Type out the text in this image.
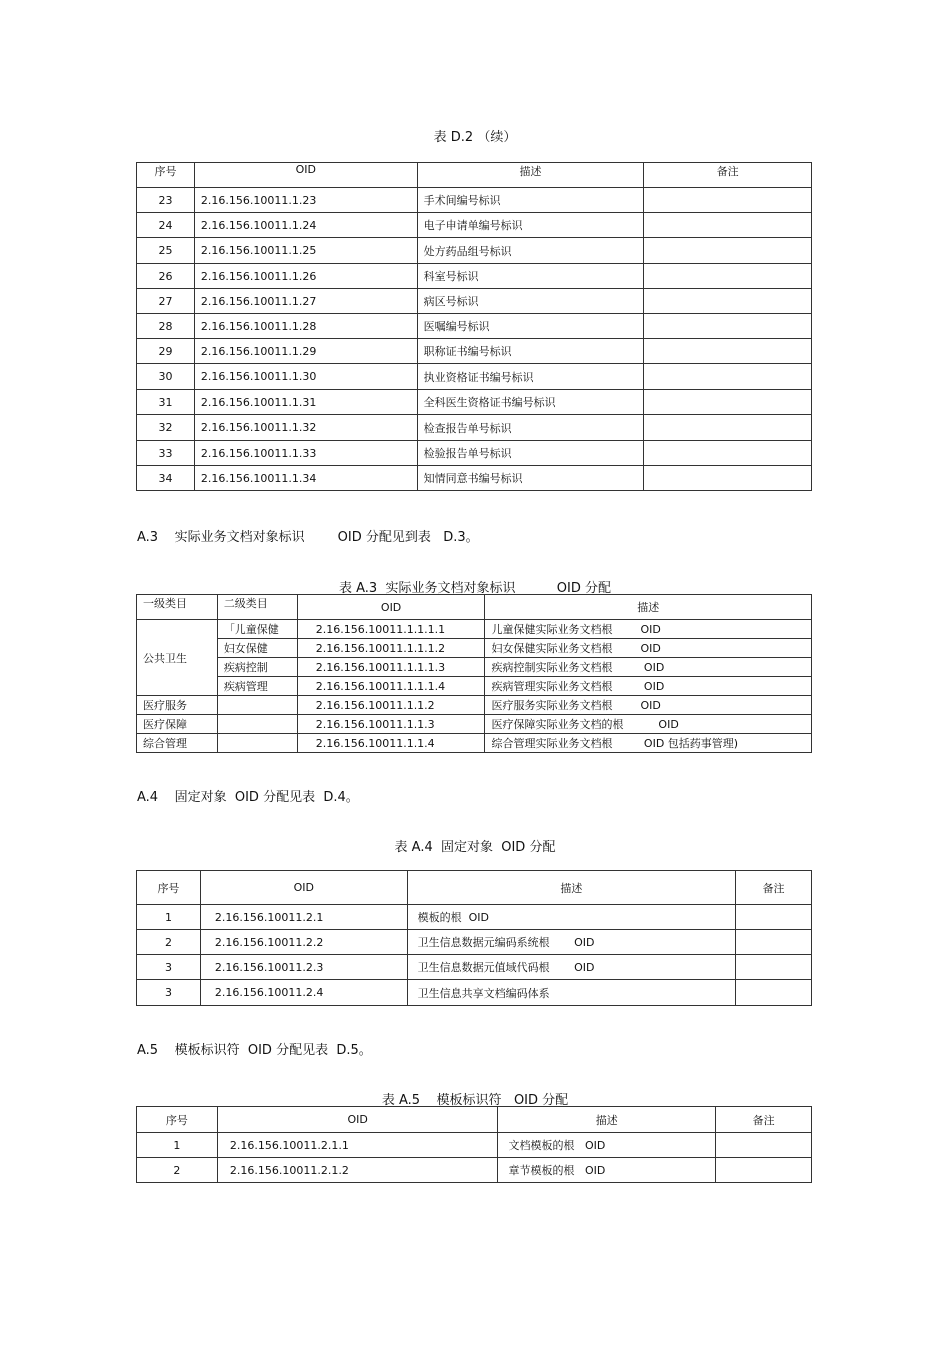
表 D.2 （续）
序号	OID	描述	备注
23	2.16.156.10011.1.23	手术间编号标识	
24	2.16.156.10011.1.24	电子申请单编号标识	
25	2.16.156.10011.1.25	处方药品组号标识	
26	2.16.156.10011.1.26	科室号标识	
27	2.16.156.10011.1.27	病区号标识	
28	2.16.156.10011.1.28	医嘱编号标识	
29	2.16.156.10011.1.29	职称证书编号标识	
30	2.16.156.10011.1.30	执业资格证书编号标识	
31	2.16.156.10011.1.31	全科医生资格证书编号标识	
32	2.16.156.10011.1.32	检查报告单号标识	
33	2.16.156.10011.1.33	检验报告单号标识	
34	2.16.156.10011.1.34	知情同意书编号标识	
A.3    实际业务文档对象标识        OID 分配见到表   D.3。
表 A.3  实际业务文档对象标识          OID 分配
一级类目	二级类目	OID	描述
公共卫生	「儿童保健	2.16.156.10011.1.1.1.1	儿童保健实际业务文档根        OID
	妇女保健	2.16.156.10011.1.1.1.2	妇女保健实际业务文档根        OID
	疾病控制	2.16.156.10011.1.1.1.3	疾病控制实际业务文档根         OID
	疾病管理	2.16.156.10011.1.1.1.4	疾病管理实际业务文档根         OID
医疗服务		2.16.156.10011.1.1.2	医疗服务实际业务文档根        OID
医疗保障		2.16.156.10011.1.1.3	医疗保障实际业务文档的根          OID
综合管理		2.16.156.10011.1.1.4	综合管理实际业务文档根         OID 包括药事管理)
A.4    固定对象  OID 分配见表  D.4。
表 A.4  固定对象  OID 分配
序号	OID	描述	备注
1	2.16.156.10011.2.1	模板的根  OID	
2	2.16.156.10011.2.2	卫生信息数据元编码系统根       OID	
3	2.16.156.10011.2.3	卫生信息数据元值域代码根       OID	
3	2.16.156.10011.2.4	卫生信息共享文档编码体系	
A.5    模板标识符  OID 分配见表  D.5。
表 A.5    模板标识符   OID 分配
序号	OID	描述	备注
1	2.16.156.10011.2.1.1	文档模板的根   OID	
2	2.16.156.10011.2.1.2	章节模板的根   OID	
